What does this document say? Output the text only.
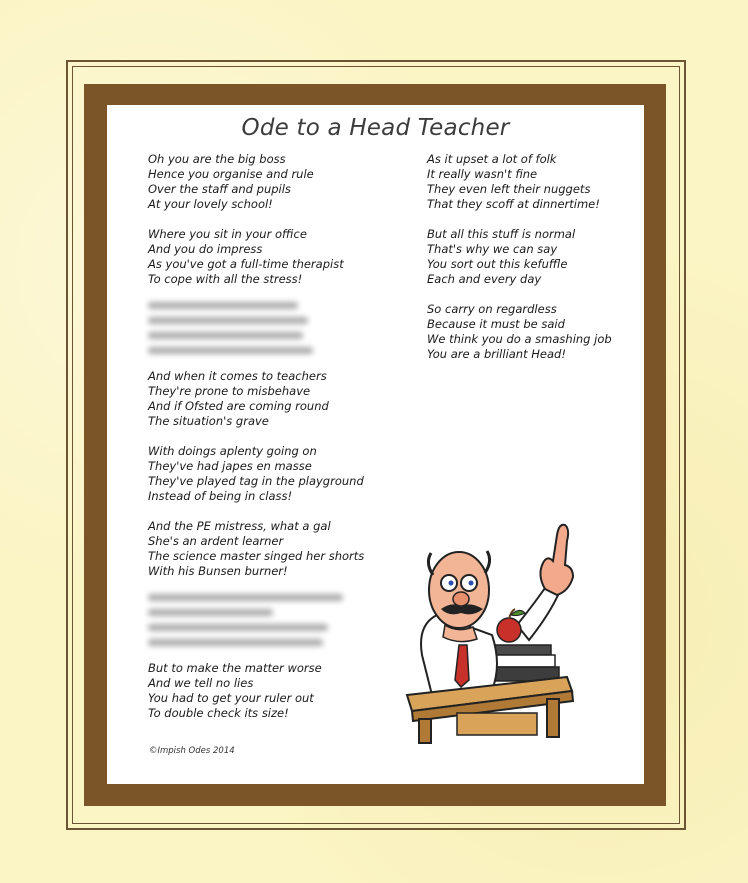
Ode to a Head Teacher
Oh you are the big boss
Hence you organise and rule
Over the staff and pupils
At your lovely school!
Where you sit in your office
And you do impress
As you've got a full-time therapist
To cope with all the stress!
And when it comes to teachers
They're prone to misbehave
And if Ofsted are coming round
The situation's grave
With doings aplenty going on
They've had japes en masse
They've played tag in the playground
Instead of being in class!
And the PE mistress, what a gal
She's an ardent learner
The science master singed her shorts
With his Bunsen burner!
But to make the matter worse
And we tell no lies
You had to get your ruler out
To double check its size!
As it upset a lot of folk
It really wasn't fine
They even left their nuggets
That they scoff at dinnertime!
But all this stuff is normal
That's why we can say
You sort out this kefuffle
Each and every day
So carry on regardless
Because it must be said
We think you do a smashing job
You are a brilliant Head!
©Impish Odes 2014
